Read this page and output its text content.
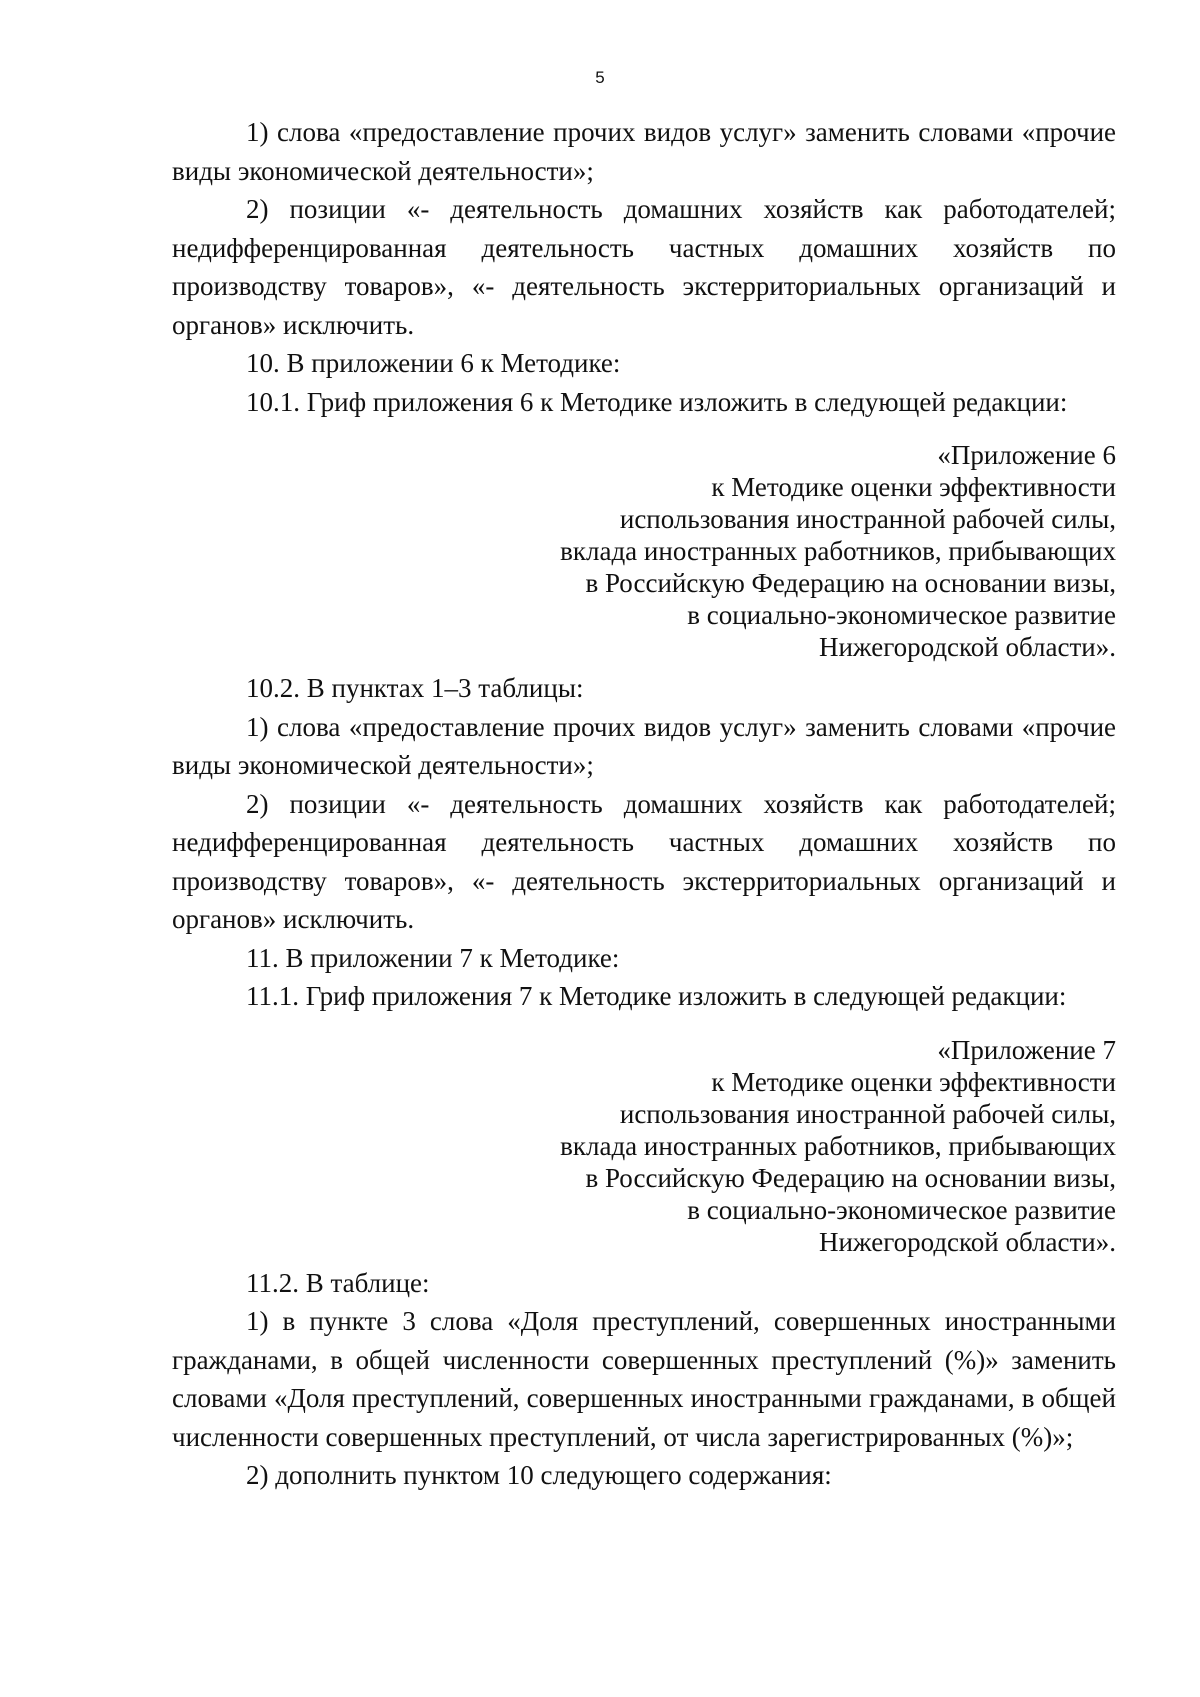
5

1) слова «предоставление прочих видов услуг» заменить словами «прочие виды экономической деятельности»;

2) позиции «- деятельность домашних хозяйств как работодателей; недифференцированная деятельность частных домашних хозяйств по производству товаров», «- деятельность экстерриториальных организаций и органов» исключить.

10. В приложении 6 к Методике:

10.1. Гриф приложения 6 к Методике изложить в следующей редакции:

«Приложение 6
к Методике оценки эффективности
использования иностранной рабочей силы,
вклада иностранных работников, прибывающих
в Российскую Федерацию на основании визы,
в социально-экономическое развитие
Нижегородской области».

10.2. В пунктах 1–3 таблицы:

1) слова «предоставление прочих видов услуг» заменить словами «прочие виды экономической деятельности»;

2) позиции «- деятельность домашних хозяйств как работодателей; недифференцированная деятельность частных домашних хозяйств по производству товаров», «- деятельность экстерриториальных организаций и органов» исключить.

11. В приложении 7 к Методике:

11.1. Гриф приложения 7 к Методике изложить в следующей редакции:

«Приложение 7
к Методике оценки эффективности
использования иностранной рабочей силы,
вклада иностранных работников, прибывающих
в Российскую Федерацию на основании визы,
в социально-экономическое развитие
Нижегородской области».

11.2. В таблице:

1) в пункте 3 слова «Доля преступлений, совершенных иностранными гражданами, в общей численности совершенных преступлений (%)» заменить словами «Доля преступлений, совершенных иностранными гражданами, в общей численности совершенных преступлений, от числа зарегистрированных (%)»;

2) дополнить пунктом 10 следующего содержания:
